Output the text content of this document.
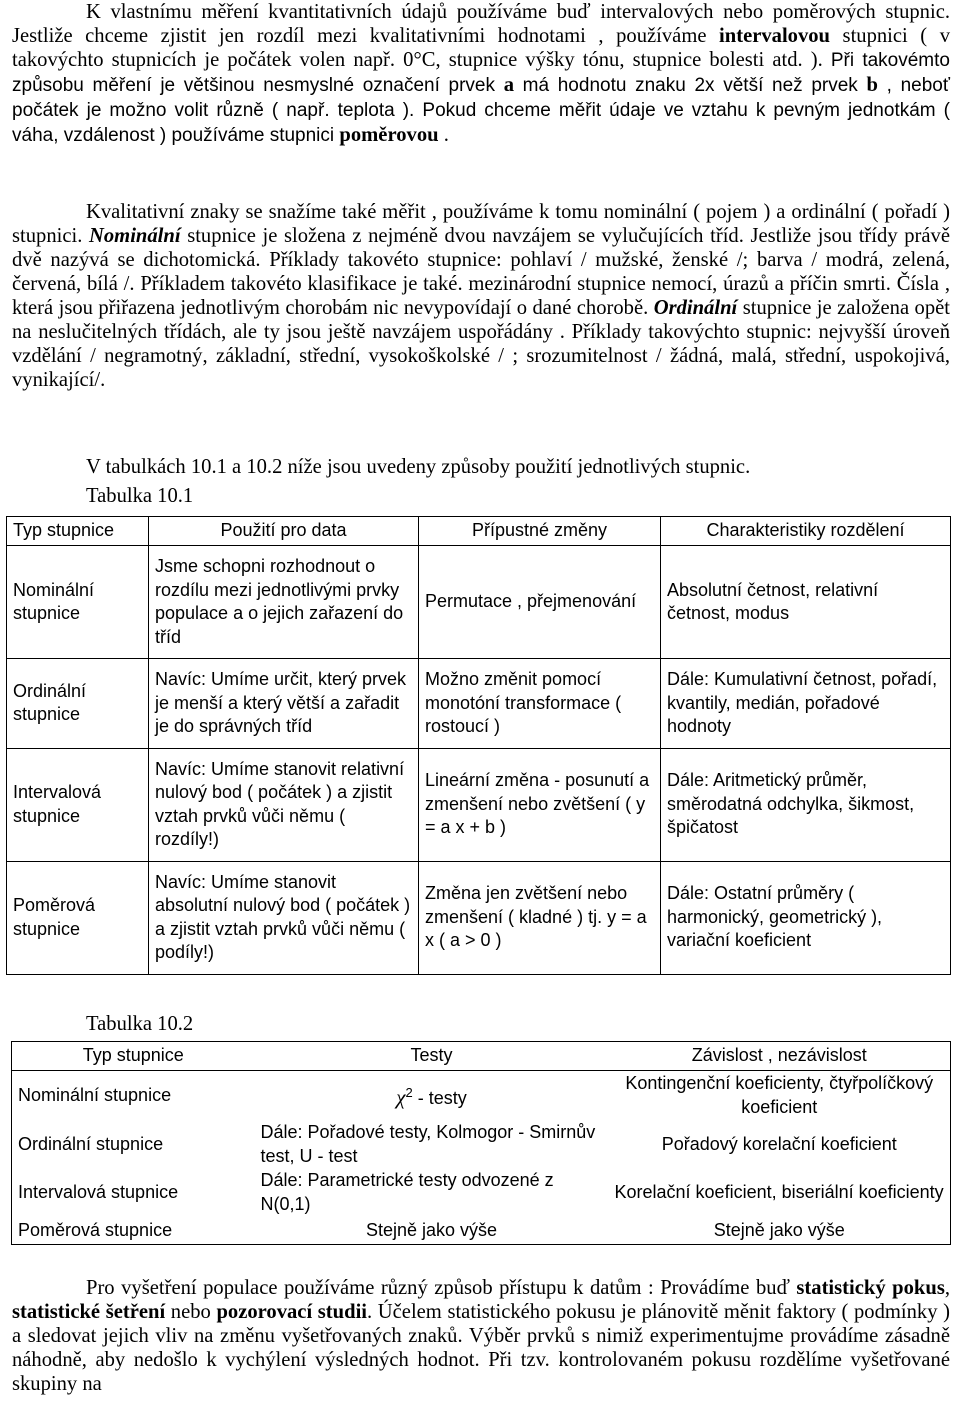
K vlastnímu měření kvantitativních údajů používáme buď intervalových nebo poměrových stupnic. Jestliže chceme zjistit jen rozdíl mezi kvalitativními hodnotami , používáme intervalovou stupnici ( v takovýchto stupnicích je počátek volen např. 0°C, stupnice výšky tónu, stupnice bolesti atd. ). Při takovémto způsobu měření je většinou nesmyslné označení prvek a má hodnotu znaku 2x větší než prvek b , neboť počátek je možno volit různě ( např. teplota ). Pokud chceme měřit údaje ve vztahu k pevným jednotkám ( váha, vzdálenost ) používáme stupnici poměrovou .

Kvalitativní znaky se snažíme také měřit , používáme k tomu nominální ( pojem ) a ordinální ( pořadí ) stupnici. Nominální stupnice je složena z nejméně dvou navzájem se vylučujících tříd. Jestliže jsou třídy právě dvě nazývá se dichotomická. Příklady takovéto stupnice: pohlaví / mužské, ženské /; barva / modrá, zelená, červená, bílá /. Příkladem takovéto klasifikace je také. mezinárodní stupnice nemocí, úrazů a příčin smrti. Čísla , která jsou přiřazena jednotlivým chorobám nic nevypovídají o dané chorobě. Ordinální stupnice je založena opět na neslučitelných třídách, ale ty jsou ještě navzájem uspořádány . Příklady takovýchto stupnic: nejvyšší úroveň vzdělání / negramotný, základní, střední, vysokoškolské / ; srozumitelnost / žádná, malá, střední, uspokojivá, vynikající/.

V tabulkách 10.1 a 10.2 níže jsou uvedeny způsoby použití jednotlivých stupnic.
Tabulka 10.1
Typ stupnice	Použití pro data	Přípustné změny	Charakteristiky rozdělení

Nominální stupnice	Jsme schopni rozhodnout o rozdílu mezi jednotlivými prvky populace a o jejich zařazení do tříd	Permutace , přejmenování	Absolutní četnost, relativní četnost, modus

Ordinální stupnice	Navíc: Umíme určit, který prvek je menší a který větší a zařadit je do správných tříd	Možno změnit pomocí monotóní transformace ( rostoucí )	Dále: Kumulativní četnost, pořadí, kvantily, medián, pořadové hodnoty

Intervalová stupnice	Navíc: Umíme stanovit relativní nulový bod ( počátek ) a zjistit vztah prvků vůči němu ( rozdíly!)	Lineární změna - posunutí a zmenšení nebo zvětšení ( y = a x + b )	Dále: Aritmetický průměr, směrodatná odchylka, šikmost, špičatost

Poměrová stupnice	Navíc: Umíme stanovit absolutní nulový bod ( počátek ) a zjistit vztah prvků vůči němu ( podíly!)	Změna jen zvětšení nebo zmenšení ( kladné ) tj. y = a x ( a > 0 )	Dále: Ostatní průměry ( harmonický, geometrický ), variační koeficient

Tabulka 10.2
Typ stupnice	Testy	Závislost , nezávislost
Nominální stupnice	$\chi^2$ - testy	Kontingenční koeficienty, čtyřpolíčkový koeficient
Ordinální stupnice	Dále: Pořadové testy, Kolmogor - Smirnův test, U - test	Pořadový korelační koeficient
Intervalová stupnice	Dále: Parametrické testy odvozené z N(0,1)	Korelační koeficient, biseriální koeficienty
Poměrová stupnice	Stejně jako výše	Stejně jako výše

Pro vyšetření populace používáme různý způsob přístupu k datům : Provádíme buď statistický pokus, statistické šetření nebo pozorovací studii. Účelem statistického pokusu je plánovitě měnit faktory ( podmínky ) a sledovat jejich vliv na změnu vyšetřovaných znaků. Výběr prvků s nimiž experimentujme provádíme zásadně náhodně, aby nedošlo k vychýlení výsledných hodnot. Při tzv. kontrolovaném pokusu rozdělíme vyšetřované skupiny na
